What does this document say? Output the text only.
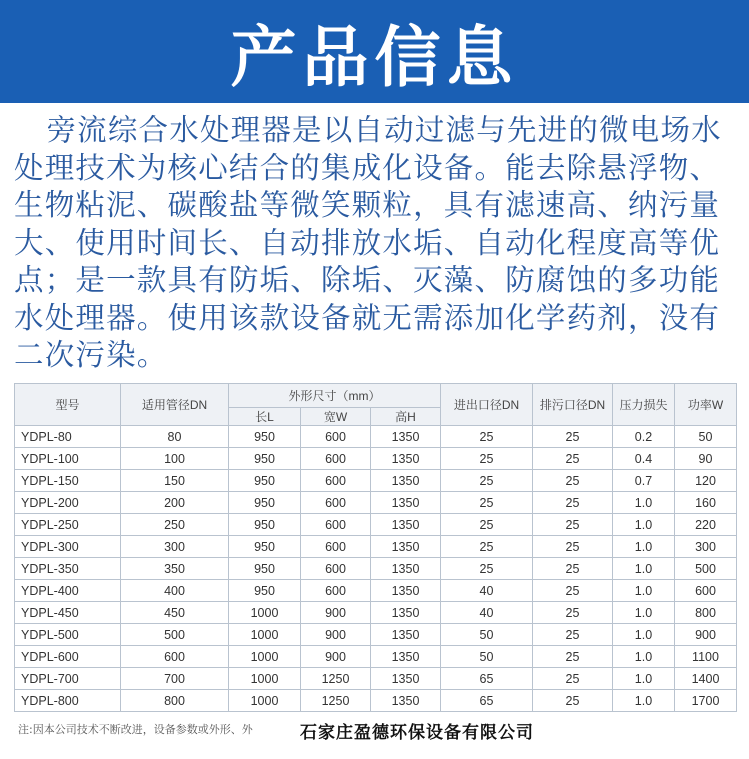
产品信息

旁流综合水处理器是以自动过滤与先进的微电场水处理技术为核心结合的集成化设备。能去除悬浮物、生物粘泥、碳酸盐等微笑颗粒，具有滤速高、纳污量大、使用时间长、自动排放水垢、自动化程度高等优点；是一款具有防垢、除垢、灭藻、防腐蚀的多功能水处理器。使用该款设备就无需添加化学药剂，没有二次污染。

型号	适用管径DN	外形尺寸（mm）			进出口径DN	排污口径DN	压力损失	功率W
		长L	宽W	高H				
YDPL-80	80	950	600	1350	25	25	0.2	50
YDPL-100	100	950	600	1350	25	25	0.4	90
YDPL-150	150	950	600	1350	25	25	0.7	120
YDPL-200	200	950	600	1350	25	25	1.0	160
YDPL-250	250	950	600	1350	25	25	1.0	220
YDPL-300	300	950	600	1350	25	25	1.0	300
YDPL-350	350	950	600	1350	25	25	1.0	500
YDPL-400	400	950	600	1350	40	25	1.0	600
YDPL-450	450	1000	900	1350	40	25	1.0	800
YDPL-500	500	1000	900	1350	50	25	1.0	900
YDPL-600	600	1000	900	1350	50	25	1.0	1100
YDPL-700	700	1000	1250	1350	65	25	1.0	1400
YDPL-800	800	1000	1250	1350	65	25	1.0	1700
注:因本公司技术不断改进，设备参数或外形、外	石家庄盈德环保设备有限公司
